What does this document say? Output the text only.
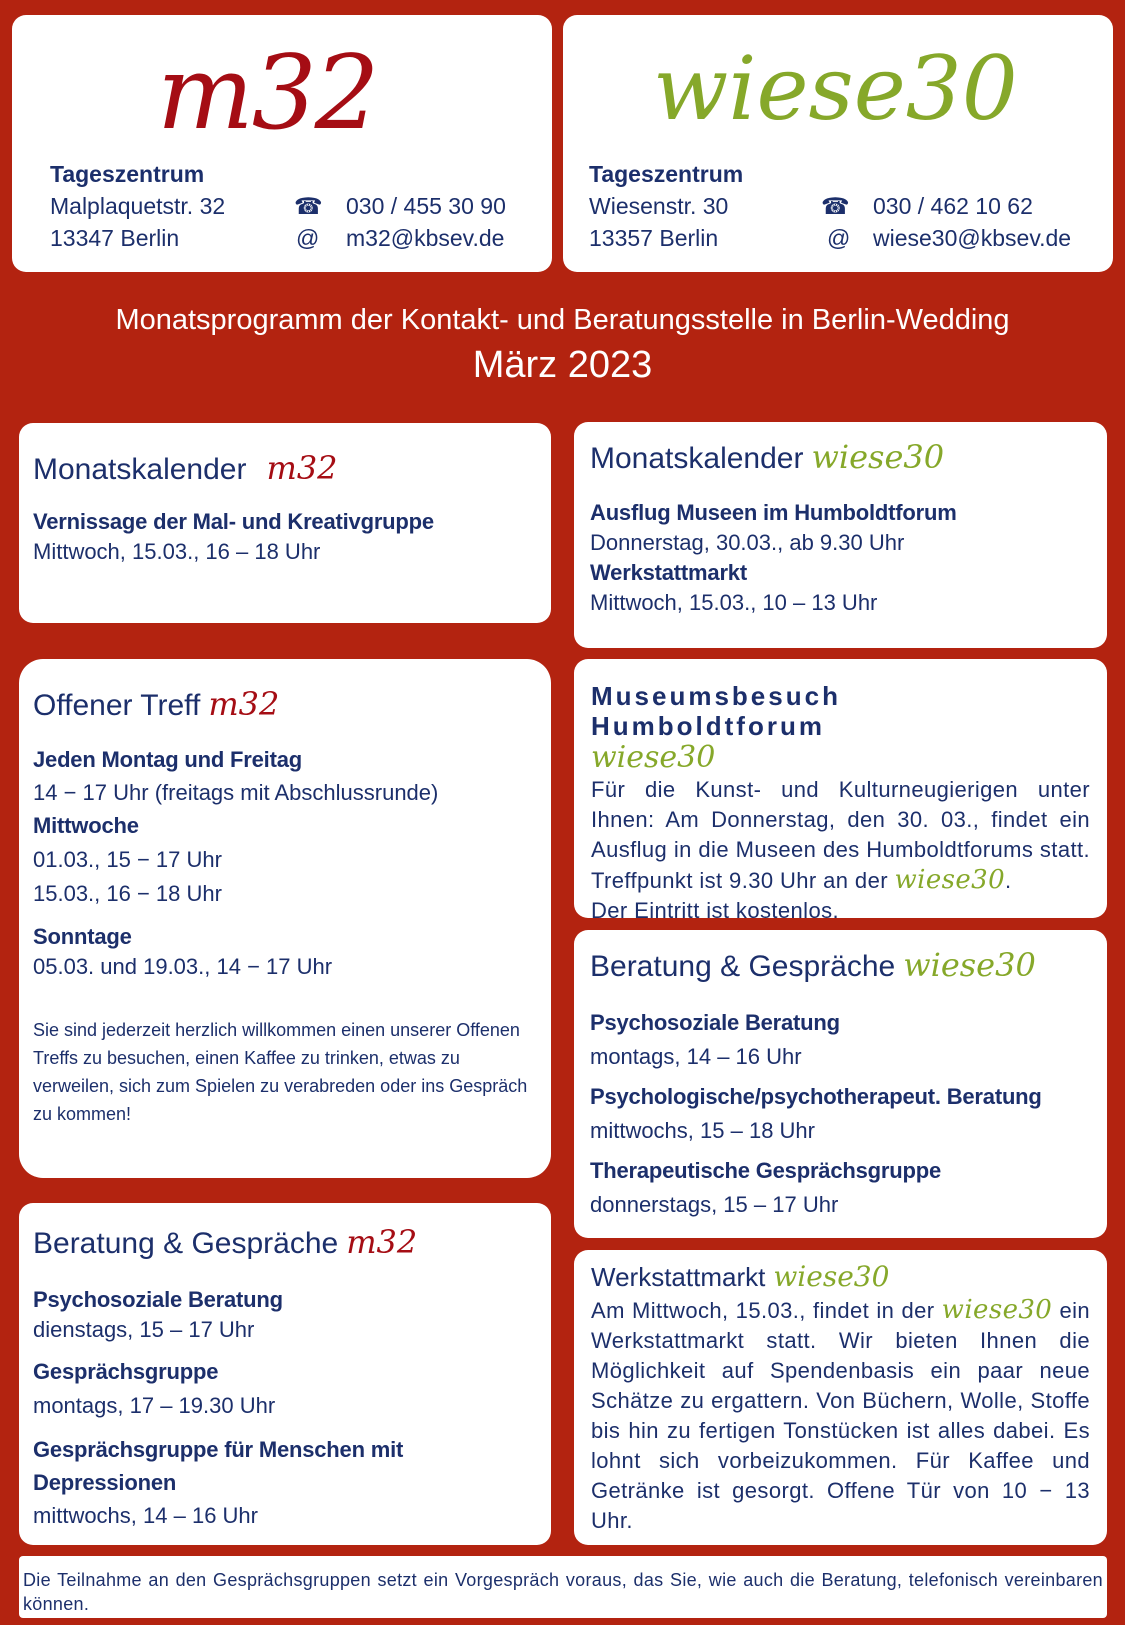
m32
Tageszentrum
Malplaquetstr. 32
13347 Berlin
☎
@
030 / 455 30 90
m32@kbsev.de
wiese30
Tageszentrum
Wiesenstr. 30
13357 Berlin
☎
@
030 / 462 10 62
wiese30@kbsev.de
Monatsprogramm der Kontakt- und Beratungsstelle in Berlin-Wedding
März 2023
Monatskalender m32
Vernissage der Mal- und Kreativgruppe
Mittwoch, 15.03., 16 – 18 Uhr
Monatskalender wiese30
Ausflug Museen im Humboldtforum
Donnerstag, 30.03., ab 9.30 Uhr
Werkstattmarkt
Mittwoch, 15.03., 10 – 13 Uhr
Offener Treff m32
Jeden Montag und Freitag
14 − 17 Uhr (freitags mit Abschlussrunde)
Mittwoche
01.03., 15 − 17 Uhr
15.03., 16 − 18 Uhr
Sonntage
05.03. und 19.03., 14 − 17 Uhr
Sie sind jederzeit herzlich willkommen einen unserer Offenen Treffs zu besuchen, einen Kaffee zu trinken, etwas zu verweilen, sich zum Spielen zu verabreden oder ins Gespräch zu kommen!
Museumsbesuch Humboldtforum
wiese30
Für die Kunst- und Kulturneugierigen unter Ihnen: Am Donnerstag, den 30. 03., findet ein Ausflug in die Museen des Humboldtforums statt. Treffpunkt ist 9.30 Uhr an der wiese30.
Der Eintritt ist kostenlos.
Beratung & Gespräche wiese30
Psychosoziale Beratung
montags, 14 – 16 Uhr
Psychologische/psychotherapeut. Beratung
mittwochs, 15 – 18 Uhr
Therapeutische Gesprächsgruppe
donnerstags, 15 – 17 Uhr
Beratung & Gespräche m32
Psychosoziale Beratung
dienstags, 15 – 17 Uhr
Gesprächsgruppe
montags, 17 – 19.30 Uhr
Gesprächsgruppe für Menschen mit Depressionen
mittwochs, 14 – 16 Uhr
Werkstattmarkt wiese30
Am Mittwoch, 15.03., findet in der wiese30 ein Werkstattmarkt statt. Wir bieten Ihnen die Möglichkeit auf Spendenbasis ein paar neue Schätze zu ergattern. Von Büchern, Wolle, Stoffe bis hin zu fertigen Tonstücken ist alles dabei. Es lohnt sich vorbeizukommen. Für Kaffee und Getränke ist gesorgt. Offene Tür von 10 − 13 Uhr.
Die Teilnahme an den Gesprächsgruppen setzt ein Vorgespräch voraus, das Sie, wie auch die Beratung, telefonisch vereinbaren können.
